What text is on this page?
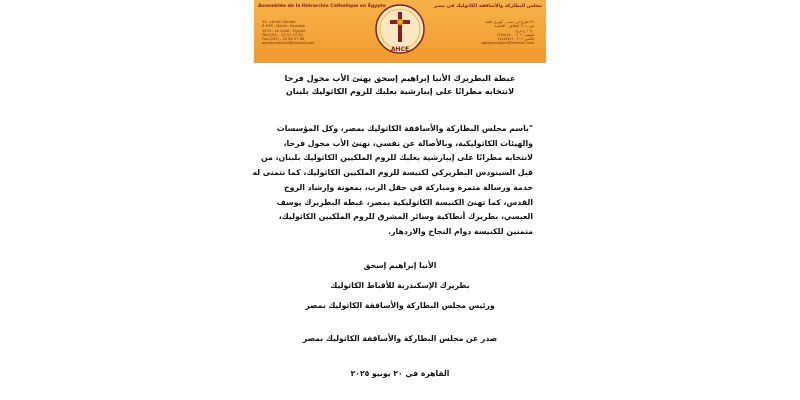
Assemblée de la Hiérarchie Catholique en Égypte
34, rue Ibn Sandar
B.P.69 - Daher, Koubbeh
1070 - Le Caire - Égypte
Tél:(202) - 22 57 47 40
Fax:(202) - 24 84 57 86
agcesecretaire@hotmail.com
AHCE
مجلس البطاركة والأساقفة الكاثوليك في مصر
٣٤ شارع ابن سندر - كوبري القبة
ص.ب ٦٩ الظاهر - القاهرة
١٠٧٠ ج.م.ع
تليفون: ٢٠٢ - ٢٢٥٧٤٧٤٠
فاكس: ٢٠٢ - ٢٤٨٤٥٧٨٦
agcesecretaire@hotmail.com
غبطة البطريرك الأنبا إبراهيم إسحق يهنئ الأب مخول فرحا
لانتخابه مطرانًا على إيبارشية بعلبك للروم الكاثوليك بلبنان
"باسم مجلس البطاركة والأساقفة الكاثوليك بمصر، وكل المؤسسات
والهيئات الكاثوليكية، وبالأصالة عن نفسي، نهنئ الأب مخول فرحا،
لانتخابه مطرانًا على إيبارشية بعلبك للروم الملكيين الكاثوليك بلبنان، من
قبل السينودس البطريركي لكنيسة للروم الملكيين الكاثوليك، كما نتمنى له
خدمة ورسالة مثمرة ومباركة في حقل الرب، بمعونة وإرشاد الروح
القدس، كما تهنئ الكنيسة الكاثوليكية بمصر، غبطة البطريرك يوسف
العبسي، بطريرك أنطاكية وسائر المشرق للروم الملكيين الكاثوليك،
متمنين للكنيسة دوام النجاح والازدهار.
الأنبا إبراهيم إسحق
بطريرك الإسكندرية للأقباط الكاثوليك
ورئيس مجلس البطاركة والأساقفة الكاثوليك بمصر
صدر عن مجلس البطاركة والأساقفة الكاثوليك بمصر
القاهرة في ٢٠ يونيو ٢٠٢٥
